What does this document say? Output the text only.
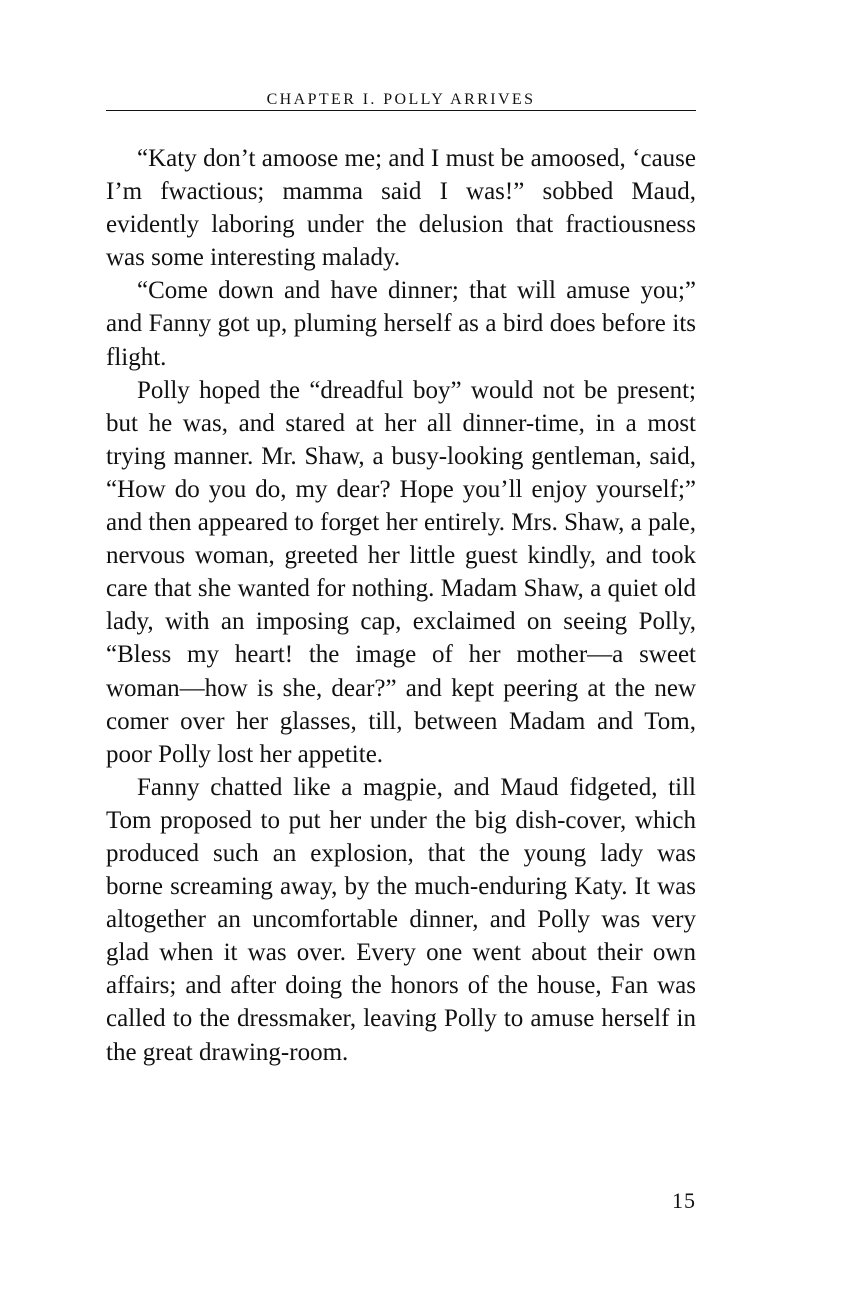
CHAPTER I. POLLY ARRIVES

“Katy don’t amoose me; and I must be amoosed, ‘cause I’m fwactious; mamma said I was!” sobbed Maud, evidently laboring under the delusion that fractiousness was some interesting malady.

“Come down and have dinner; that will amuse you;” and Fanny got up, pluming herself as a bird does before its flight.

Polly hoped the “dreadful boy” would not be present; but he was, and stared at her all dinner-time, in a most trying manner. Mr. Shaw, a busy-looking gentleman, said, “How do you do, my dear? Hope you’ll enjoy yourself;” and then appeared to forget her entirely. Mrs. Shaw, a pale, nervous woman, greeted her little guest kindly, and took care that she wanted for nothing. Madam Shaw, a quiet old lady, with an imposing cap, exclaimed on seeing Polly, “Bless my heart! the image of her mother—a sweet woman—how is she, dear?” and kept peering at the new comer over her glasses, till, between Madam and Tom, poor Polly lost her appetite.

Fanny chatted like a magpie, and Maud fidgeted, till Tom proposed to put her under the big dish-cover, which produced such an explosion, that the young lady was borne screaming away, by the much-enduring Katy. It was altogether an uncomfortable dinner, and Polly was very glad when it was over. Every one went about their own affairs; and after doing the honors of the house, Fan was called to the dressmaker, leaving Polly to amuse herself in the great drawing-room.

15
